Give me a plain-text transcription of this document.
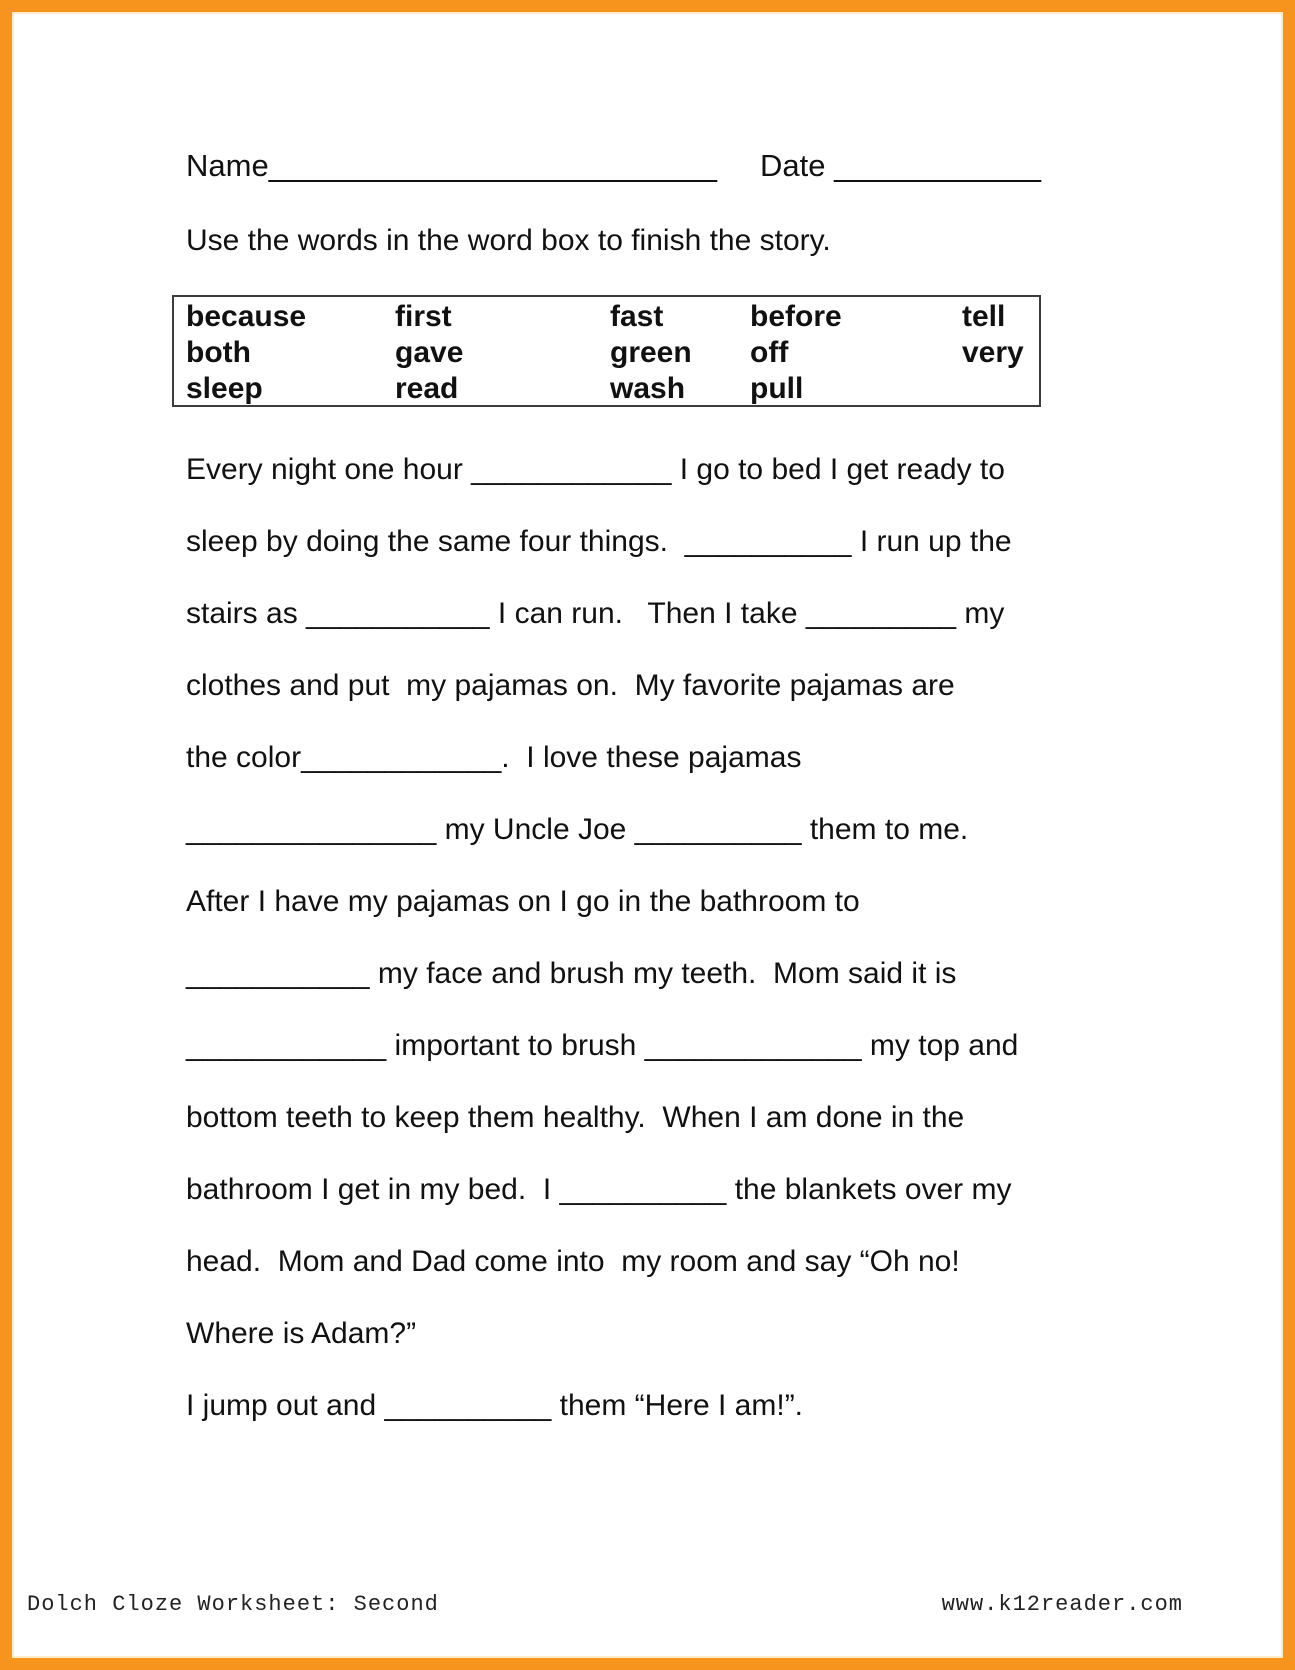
Name__________________________ Date ____________
Use the words in the word box to finish the story.
because
both
sleep
first
gave
read
fast
green
wash
before
off
pull
tell
very
Every night one hour ____________ I go to bed I get ready to
sleep by doing the same four things.  __________ I run up the
stairs as ___________ I can run.   Then I take _________ my
clothes and put  my pajamas on.  My favorite pajamas are
the color____________.  I love these pajamas
_______________ my Uncle Joe __________ them to me.
After I have my pajamas on I go in the bathroom to
___________ my face and brush my teeth.  Mom said it is
____________ important to brush _____________ my top and
bottom teeth to keep them healthy.  When I am done in the
bathroom I get in my bed.  I __________ the blankets over my
head.  Mom and Dad come into  my room and say “Oh no!
Where is Adam?”
I jump out and __________ them “Here I am!”.
Dolch Cloze Worksheet: Second	www.k12reader.com
